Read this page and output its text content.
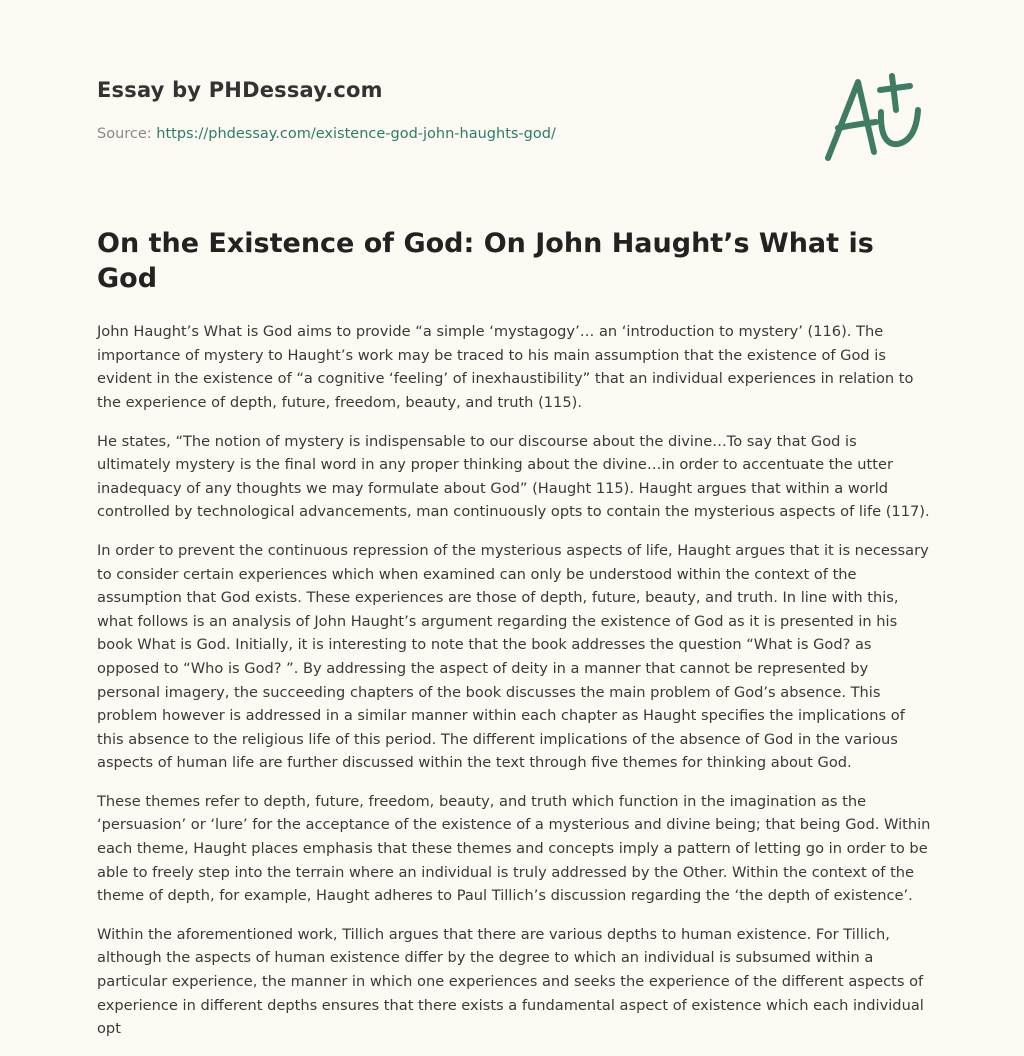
Essay by PHDessay.com
Source: https://phdessay.com/existence-god-john-haughts-god/
On the Existence of God: On John Haught’s What is God

John Haught’s What is God aims to provide “a simple ‘mystagogy’… an ‘introduction to mystery’ (116). The importance of mystery to Haught’s work may be traced to his main assumption that the existence of God is evident in the existence of “a cognitive ‘feeling’ of inexhaustibility” that an individual experiences in relation to the experience of depth, future, freedom, beauty, and truth (115).

He states, “The notion of mystery is indispensable to our discourse about the divine…To say that God is ultimately mystery is the final word in any proper thinking about the divine…in order to accentuate the utter inadequacy of any thoughts we may formulate about God” (Haught 115). Haught argues that within a world controlled by technological advancements, man continuously opts to contain the mysterious aspects of life (117).

In order to prevent the continuous repression of the mysterious aspects of life, Haught argues that it is necessary to consider certain experiences which when examined can only be understood within the context of the assumption that God exists. These experiences are those of depth, future, beauty, and truth. In line with this, what follows is an analysis of John Haught’s argument regarding the existence of God as it is presented in his book What is God. Initially, it is interesting to note that the book addresses the question “What is God? as opposed to “Who is God? ”. By addressing the aspect of deity in a manner that cannot be represented by personal imagery, the succeeding chapters of the book discusses the main problem of God’s absence. This problem however is addressed in a similar manner within each chapter as Haught specifies the implications of this absence to the religious life of this period. The different implications of the absence of God in the various aspects of human life are further discussed within the text through five themes for thinking about God.

These themes refer to depth, future, freedom, beauty, and truth which function in the imagination as the ‘persuasion’ or ‘lure’ for the acceptance of the existence of a mysterious and divine being; that being God. Within each theme, Haught places emphasis that these themes and concepts imply a pattern of letting go in order to be able to freely step into the terrain where an individual is truly addressed by the Other. Within the context of the theme of depth, for example, Haught adheres to Paul Tillich’s discussion regarding the ‘the depth of existence’.

Within the aforementioned work, Tillich argues that there are various depths to human existence. For Tillich, although the aspects of human existence differ by the degree to which an individual is subsumed within a particular experience, the manner in which one experiences and seeks the experience of the different aspects of experience in different depths ensures that there exists a fundamental aspect of existence which each individual opt
